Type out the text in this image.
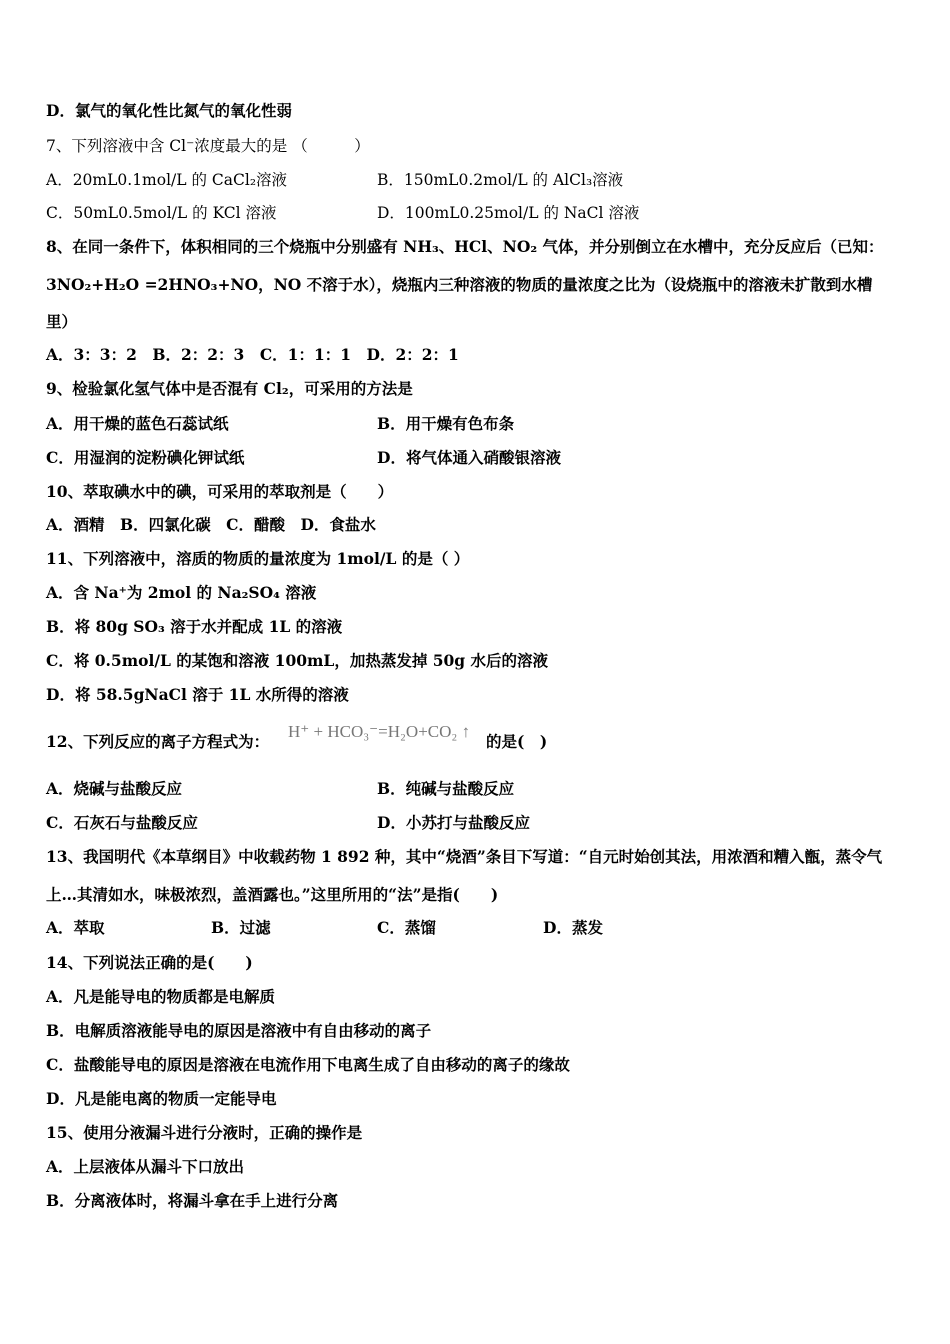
12、下列反应的离子方程式为：
H⁺ + HCO₃⁻=H₂O+CO₂ ↑
的是(　)
D．氯气的氧化性比氮气的氧化性弱
7、下列溶液中含 Cl⁻浓度最大的是 （　　　）
A．20mL0.1mol/L 的 CaCl₂溶液	B．150mL0.2mol/L 的 AlCl₃溶液
C．50mL0.5mol/L 的 KCl 溶液	D．100mL0.25mol/L 的 NaCl 溶液
8、在同一条件下，体积相同的三个烧瓶中分别盛有 NH₃、HCl、NO₂ 气体，并分别倒立在水槽中，充分反应后（已知：
3NO₂+H₂O =2HNO₃+NO，NO 不溶于水），烧瓶内三种溶液的物质的量浓度之比为（设烧瓶中的溶液未扩散到水槽
里）
A．3：3：2　B．2：2：3　C．1：1：1　D．2：2：1
9、检验氯化氢气体中是否混有 Cl₂，可采用的方法是
A．用干燥的蓝色石蕊试纸	B．用干燥有色布条
C．用湿润的淀粉碘化钾试纸	D．将气体通入硝酸银溶液
10、萃取碘水中的碘，可采用的萃取剂是（　　）
A．酒精　B．四氯化碳　C．醋酸　D．食盐水
11、下列溶液中，溶质的物质的量浓度为 1mol/L 的是（ ）
A．含 Na⁺为 2mol 的 Na₂SO₄ 溶液
B．将 80g SO₃ 溶于水并配成 1L 的溶液
C．将 0.5mol/L 的某饱和溶液 100mL，加热蒸发掉 50g 水后的溶液
D．将 58.5gNaCl 溶于 1L 水所得的溶液
A．烧碱与盐酸反应	B．纯碱与盐酸反应
C．石灰石与盐酸反应	D．小苏打与盐酸反应
13、我国明代《本草纲目》中收载药物 1 892 种，其中“烧酒”条目下写道：“自元时始创其法，用浓酒和糟入甑，蒸令气
上…其清如水，味极浓烈，盖酒露也。”这里所用的“法”是指(　　)
A．萃取	B．过滤	C．蒸馏	D．蒸发
14、下列说法正确的是(　　)
A．凡是能导电的物质都是电解质
B．电解质溶液能导电的原因是溶液中有自由移动的离子
C．盐酸能导电的原因是溶液在电流作用下电离生成了自由移动的离子的缘故
D．凡是能电离的物质一定能导电
15、使用分液漏斗进行分液时，正确的操作是
A．上层液体从漏斗下口放出
B．分离液体时，将漏斗拿在手上进行分离
